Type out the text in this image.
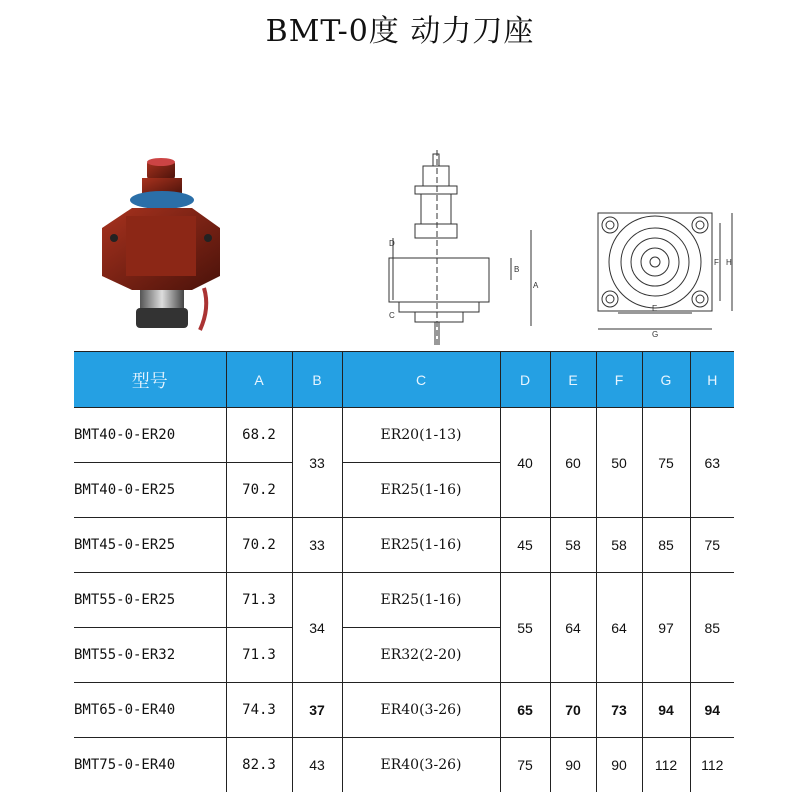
BMT-0度 动力刀座
D
B
C
A
E
G
F H
型号	A	B	C	D	E	F	G	H
BMT40-0-ER20	68.2	33	ER20(1-13)	40	60	50	75	63
BMT40-0-ER25	70.2		ER25(1-16)					
BMT45-0-ER25	70.2	33	ER25(1-16)	45	58	58	85	75
BMT55-0-ER25	71.3	34	ER25(1-16)	55	64	64	97	85
BMT55-0-ER32	71.3		ER32(2-20)					
BMT65-0-ER40	74.3	37	ER40(3-26)	65	70	73	94	94
BMT75-0-ER40	82.3	43	ER40(3-26)	75	90	90	112	112
